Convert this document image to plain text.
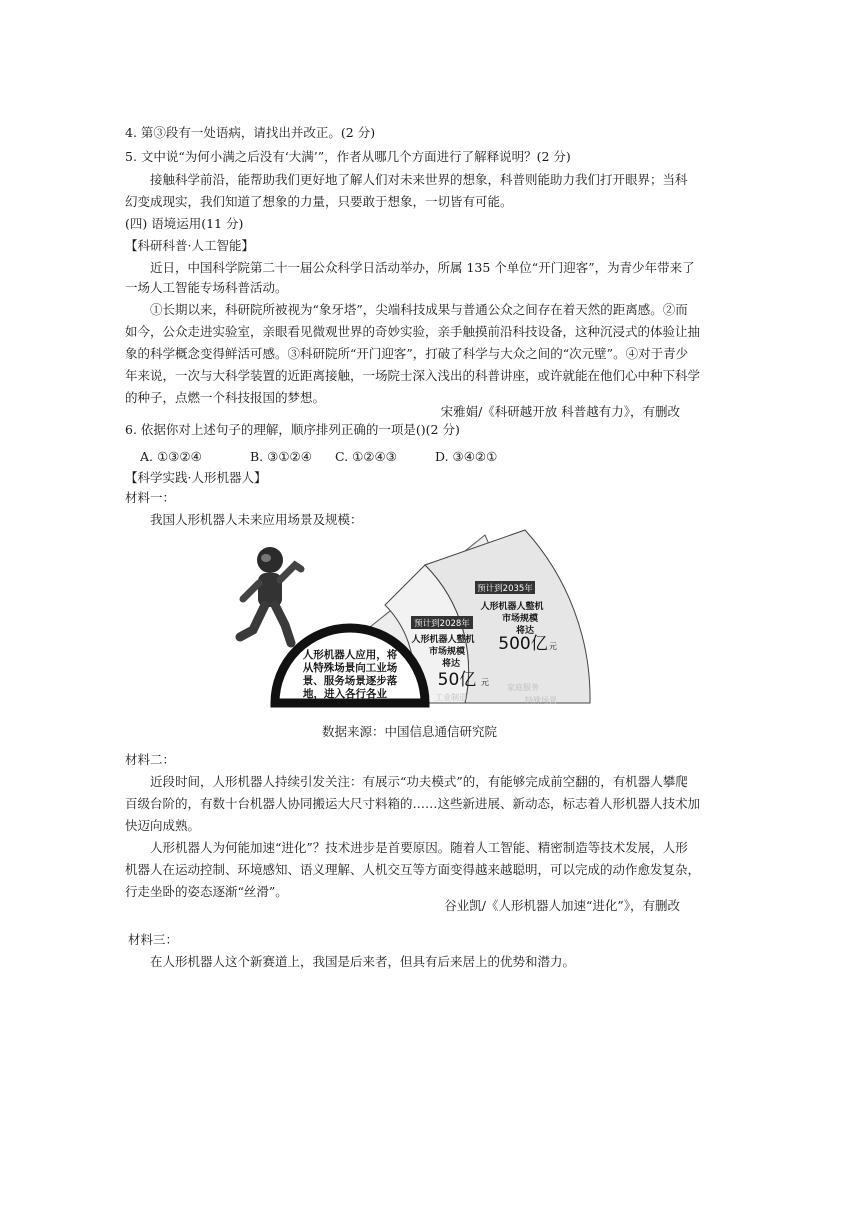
4. 第③段有一处语病，请找出并改正。(2 分)
5. 文中说“为何小满之后没有‘大满’”，作者从哪几个方面进行了解释说明？(2 分)
接触科学前沿，能帮助我们更好地了解人们对未来世界的想象，科普则能助力我们打开眼界；当科
幻变成现实，我们知道了想象的力量，只要敢于想象，一切皆有可能。
(四) 语境运用(11 分)
【科研科普·人工智能】
近日，中国科学院第二十一届公众科学日活动举办，所属 135 个单位“开门迎客”，为青少年带来了
一场人工智能专场科普活动。
①长期以来，科研院所被视为“象牙塔”，尖端科技成果与普通公众之间存在着天然的距离感。②而
如今，公众走进实验室，亲眼看见微观世界的奇妙实验，亲手触摸前沿科技设备，这种沉浸式的体验让抽
象的科学概念变得鲜活可感。③科研院所“开门迎客”，打破了科学与大众之间的“次元壁”。④对于青少
年来说，一次与大科学装置的近距离接触，一场院士深入浅出的科普讲座，或许就能在他们心中种下科学
的种子，点燃一个科技报国的梦想。
宋雅娟/《科研越开放 科普越有力》，有删改
6. 依据你对上述句子的理解，顺序排列正确的一项是()(2 分)
A. ①③②④	B. ③①②④ C. ①②④③	D. ③④②①
【科学实践·人形机器人】
材料一：
我国人形机器人未来应用场景及规模：
人形机器人应用，将
从特殊场景向工业场
景、服务场景逐步落
地，进入各行各业
预计到2028年
人形机器人整机
市场规模
将达
50亿 元
预计到2035年
人形机器人整机
市场规模
将达
500亿 元
工业制造
家庭服务
特殊场景
数据来源：中国信息通信研究院
材料二：
近段时间，人形机器人持续引发关注：有展示“功夫模式”的，有能够完成前空翻的，有机器人攀爬
百级台阶的，有数十台机器人协同搬运大尺寸料箱的……这些新进展、新动态，标志着人形机器人技术加
快迈向成熟。
人形机器人为何能加速“进化”？技术进步是首要原因。随着人工智能、精密制造等技术发展，人形
机器人在运动控制、环境感知、语义理解、人机交互等方面变得越来越聪明，可以完成的动作愈发复杂，
行走坐卧的姿态逐渐“丝滑”。
谷业凯/《人形机器人加速“进化”》，有删改
材料三：
在人形机器人这个新赛道上，我国是后来者，但具有后来居上的优势和潜力。
